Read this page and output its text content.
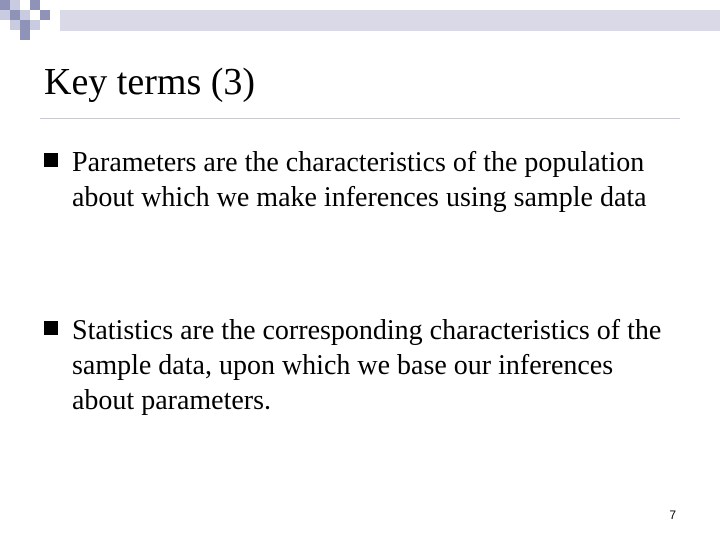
Key terms (3)
Parameters are the characteristics of the population about which we make inferences using sample data
Statistics are the corresponding characteristics of the sample data, upon which we base our inferences about parameters.
7
